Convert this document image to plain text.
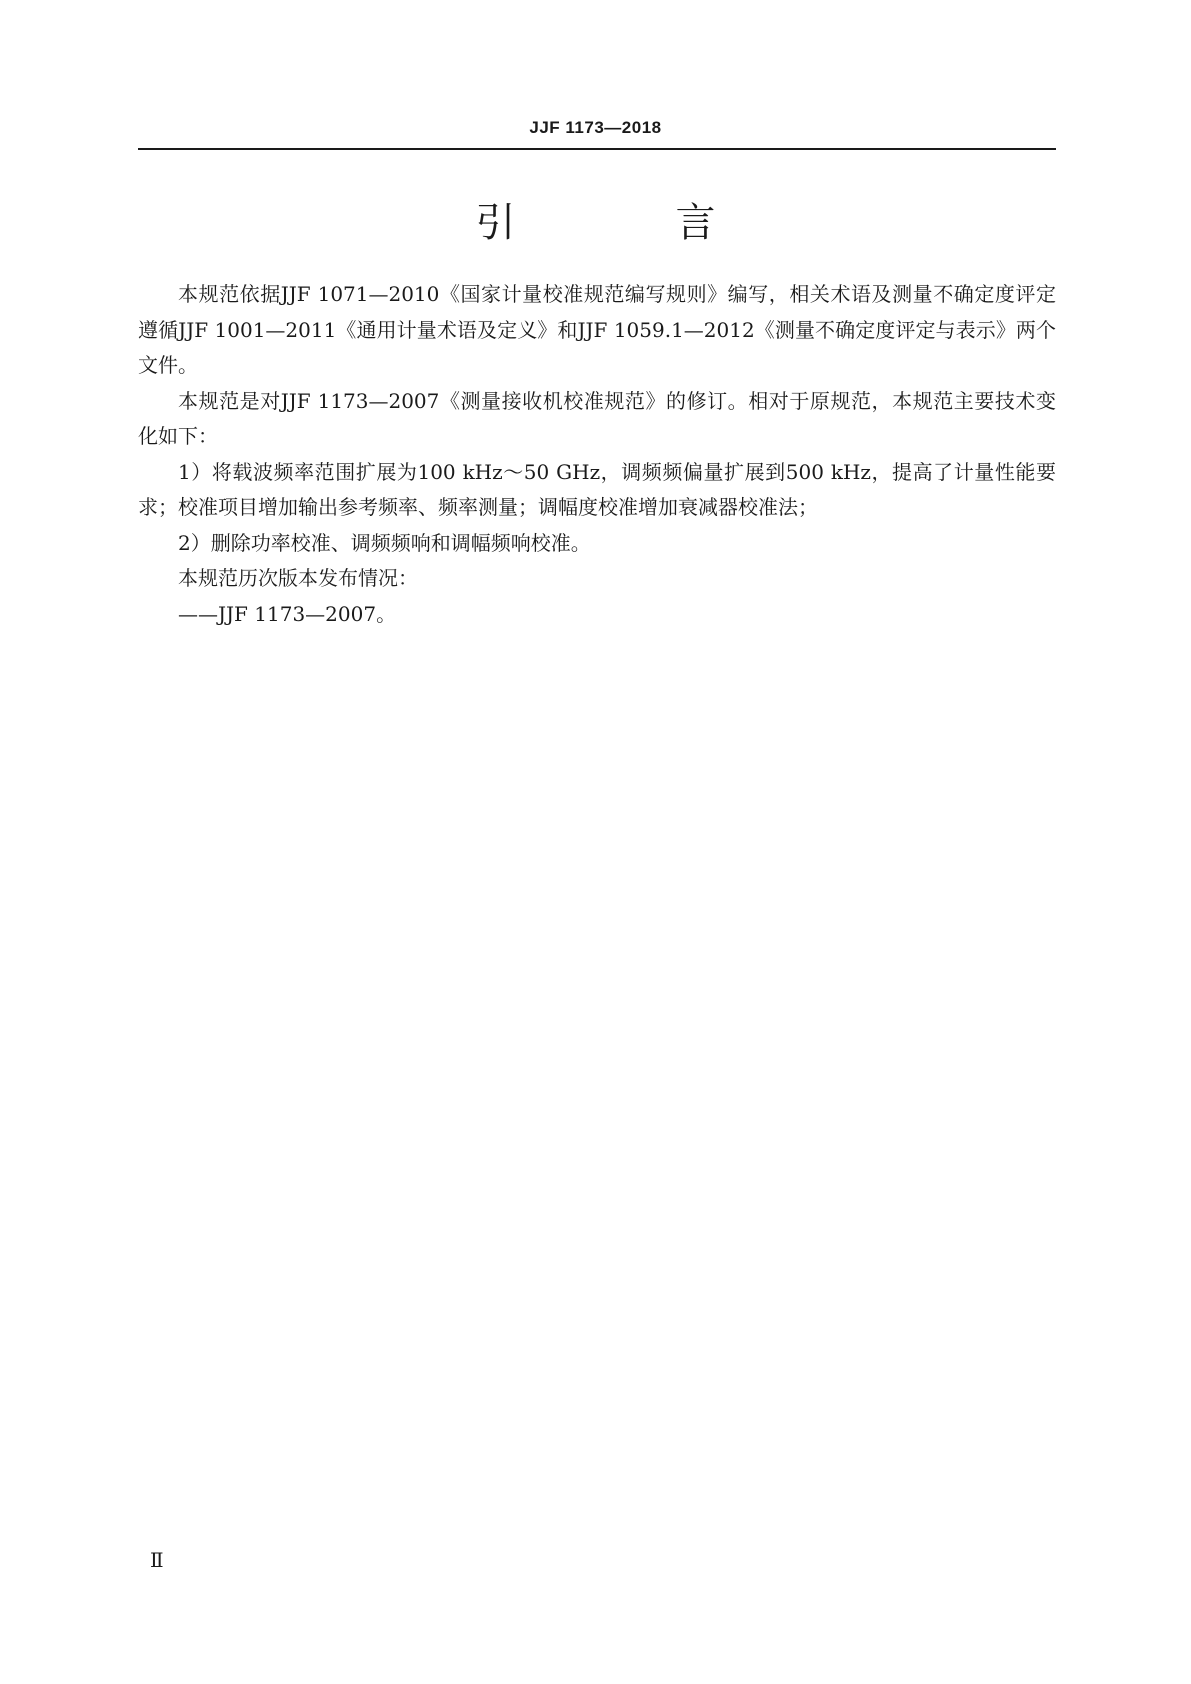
JJF 1173—2018
引　言

本规范依据JJF 1071—2010《国家计量校准规范编写规则》编写，相关术语及测量不确定度评定遵循JJF 1001—2011《通用计量术语及定义》和JJF 1059.1—2012《测量不确定度评定与表示》两个文件。

本规范是对JJF 1173—2007《测量接收机校准规范》的修订。相对于原规范，本规范主要技术变化如下：

1）将载波频率范围扩展为100 kHz～50 GHz，调频频偏量扩展到500 kHz，提高了计量性能要求；校准项目增加输出参考频率、频率测量；调幅度校准增加衰减器校准法；

2）删除功率校准、调频频响和调幅频响校准。

本规范历次版本发布情况：

——JJF 1173—2007。

Ⅱ
